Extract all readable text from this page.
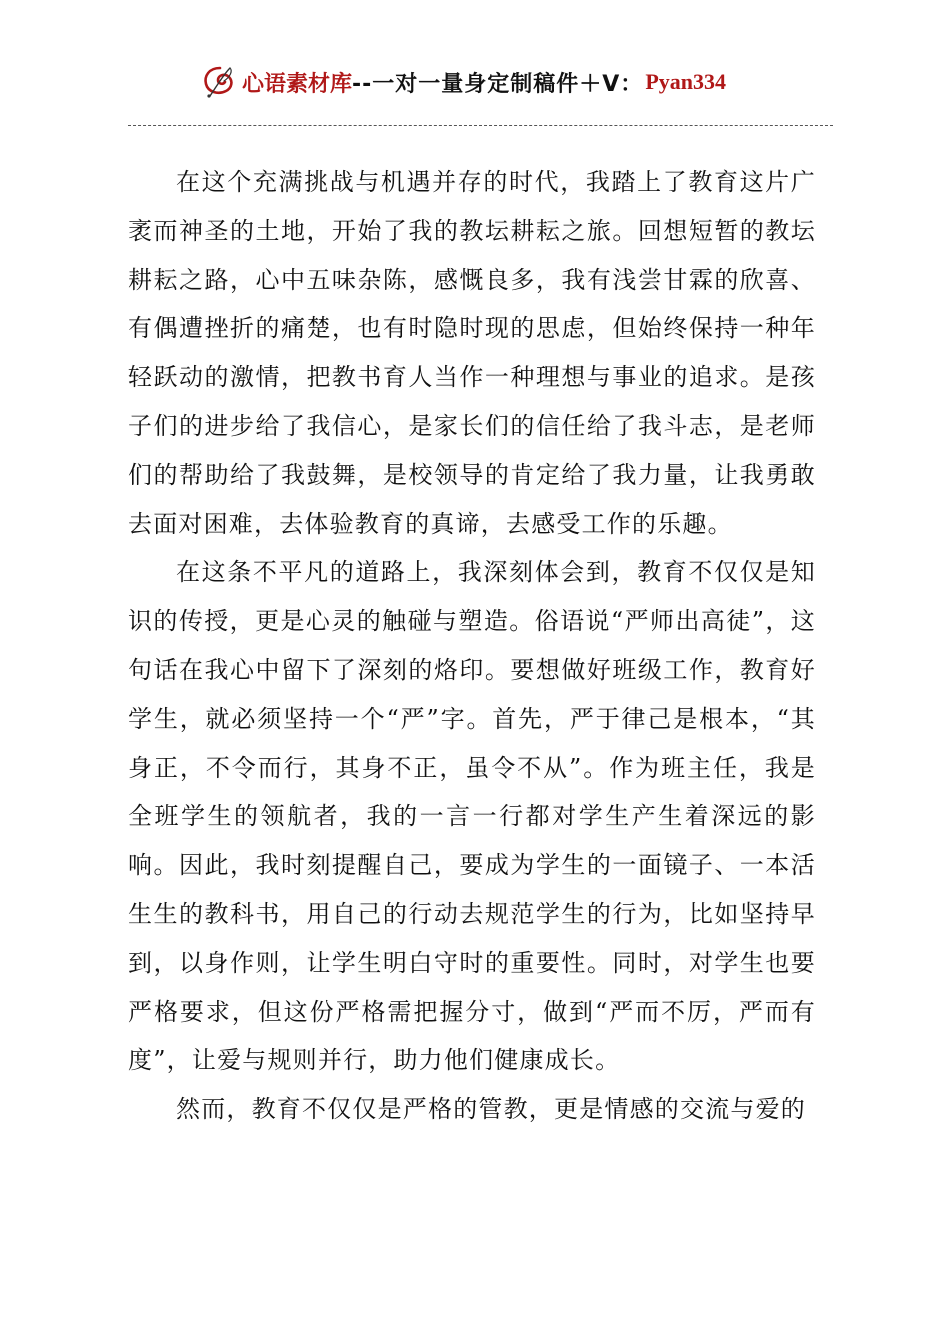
心语素材库 --一对一量身定制稿件＋V： Pyan334

在这个充满挑战与机遇并存的时代，我踏上了教育这片广袤而神圣的土地，开始了我的教坛耕耘之旅。回想短暂的教坛耕耘之路，心中五味杂陈，感慨良多，我有浅尝甘霖的欣喜、有偶遭挫折的痛楚，也有时隐时现的思虑，但始终保持一种年轻跃动的激情，把教书育人当作一种理想与事业的追求。是孩子们的进步给了我信心，是家长们的信任给了我斗志，是老师们的帮助给了我鼓舞，是校领导的肯定给了我力量，让我勇敢去面对困难，去体验教育的真谛，去感受工作的乐趣。

在这条不平凡的道路上，我深刻体会到，教育不仅仅是知识的传授，更是心灵的触碰与塑造。俗语说“严师出高徒”，这句话在我心中留下了深刻的烙印。要想做好班级工作，教育好学生，就必须坚持一个“严”字。首先，严于律己是根本，“其身正，不令而行，其身不正，虽令不从”。作为班主任，我是全班学生的领航者，我的一言一行都对学生产生着深远的影响。因此，我时刻提醒自己，要成为学生的一面镜子、一本活生生的教科书，用自己的行动去规范学生的行为，比如坚持早到，以身作则，让学生明白守时的重要性。同时，对学生也要严格要求，但这份严格需把握分寸，做到“严而不厉，严而有度”，让爱与规则并行，助力他们健康成长。

然而，教育不仅仅是严格的管教，更是情感的交流与爱的
